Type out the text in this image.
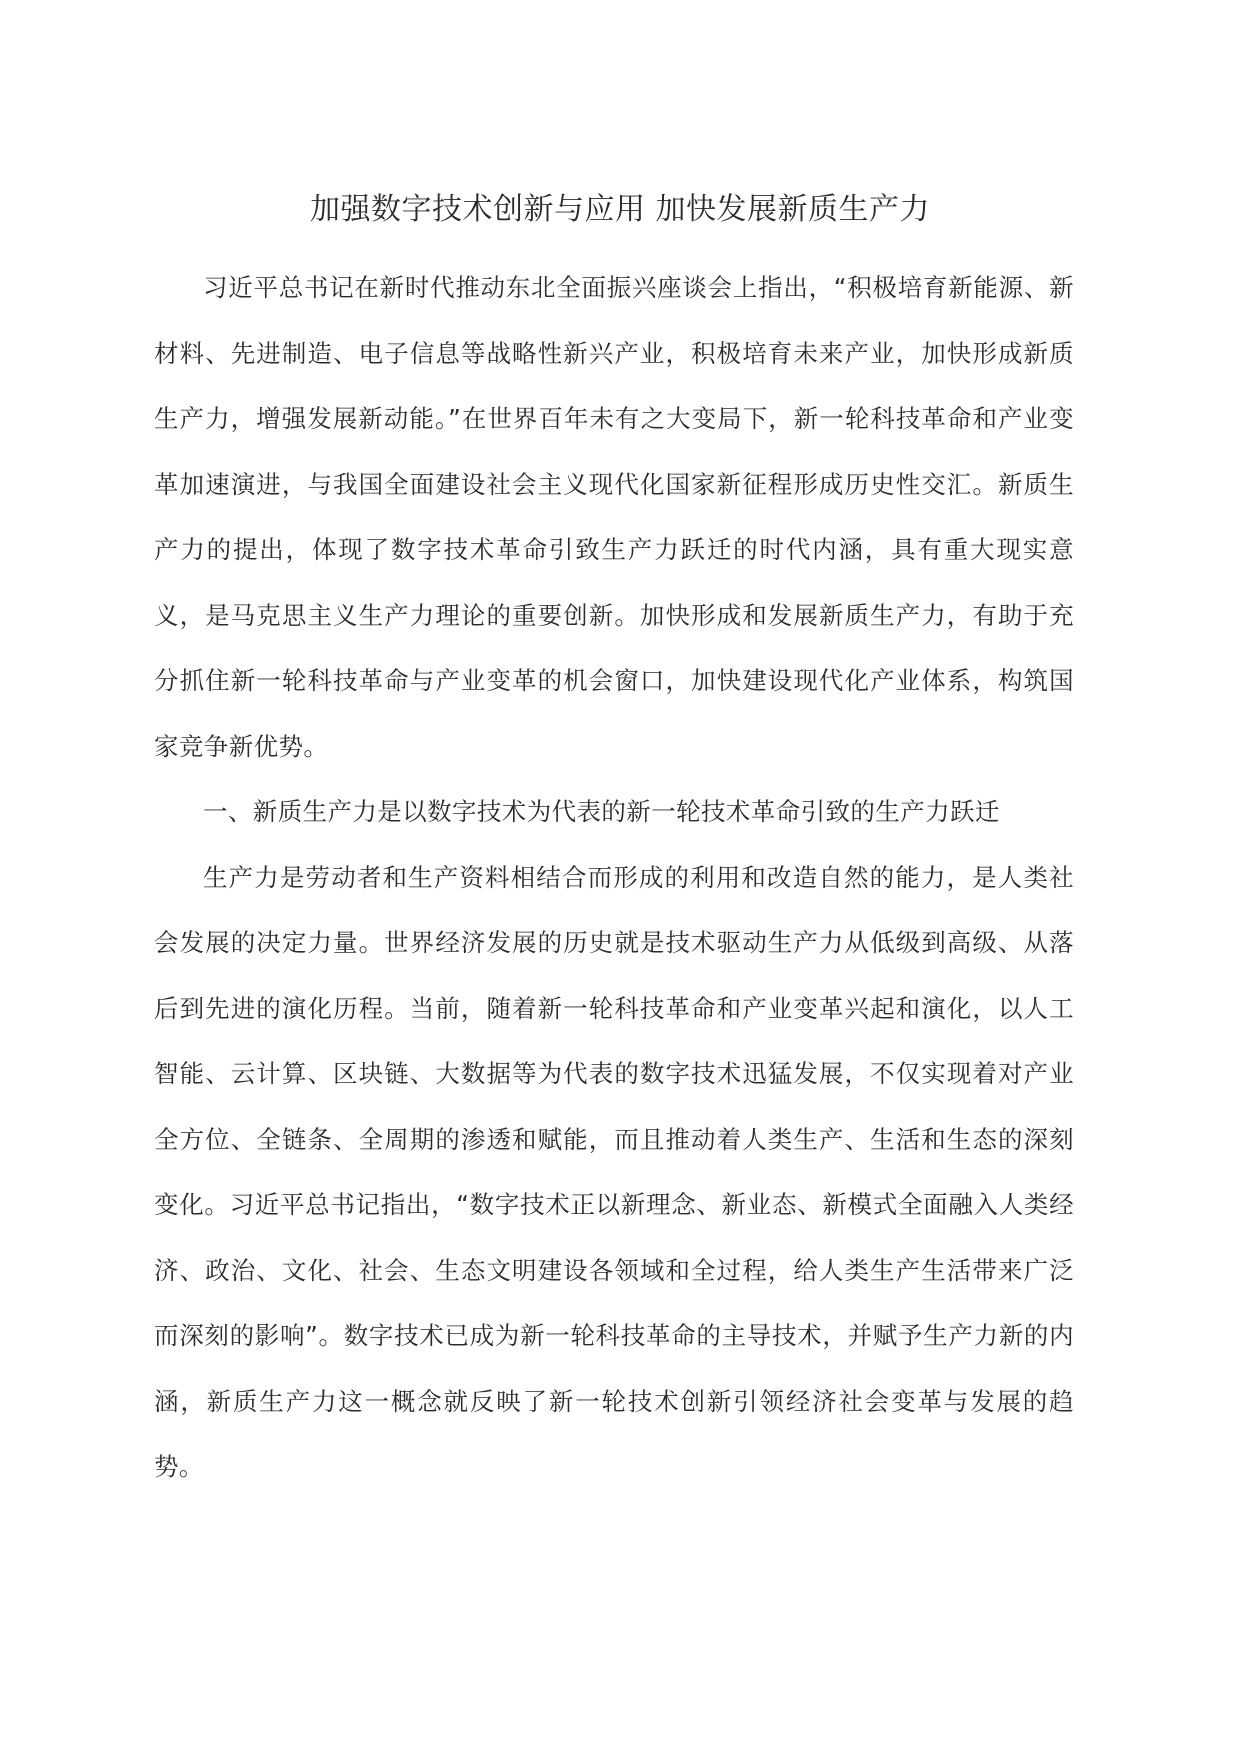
加强数字技术创新与应用 加快发展新质生产力

习近平总书记在新时代推动东北全面振兴座谈会上指出，“积极培育新能源、新材料、先进制造、电子信息等战略性新兴产业，积极培育未来产业，加快形成新质生产力，增强发展新动能。”在世界百年未有之大变局下，新一轮科技革命和产业变革加速演进，与我国全面建设社会主义现代化国家新征程形成历史性交汇。新质生产力的提出，体现了数字技术革命引致生产力跃迁的时代内涵，具有重大现实意义，是马克思主义生产力理论的重要创新。加快形成和发展新质生产力，有助于充分抓住新一轮科技革命与产业变革的机会窗口，加快建设现代化产业体系，构筑国家竞争新优势。

一、新质生产力是以数字技术为代表的新一轮技术革命引致的生产力跃迁

生产力是劳动者和生产资料相结合而形成的利用和改造自然的能力，是人类社会发展的决定力量。世界经济发展的历史就是技术驱动生产力从低级到高级、从落后到先进的演化历程。当前，随着新一轮科技革命和产业变革兴起和演化，以人工智能、云计算、区块链、大数据等为代表的数字技术迅猛发展，不仅实现着对产业全方位、全链条、全周期的渗透和赋能，而且推动着人类生产、生活和生态的深刻变化。习近平总书记指出，“数字技术正以新理念、新业态、新模式全面融入人类经济、政治、文化、社会、生态文明建设各领域和全过程，给人类生产生活带来广泛而深刻的影响”。数字技术已成为新一轮科技革命的主导技术，并赋予生产力新的内涵，新质生产力这一概念就反映了新一轮技术创新引领经济社会变革与发展的趋势。
